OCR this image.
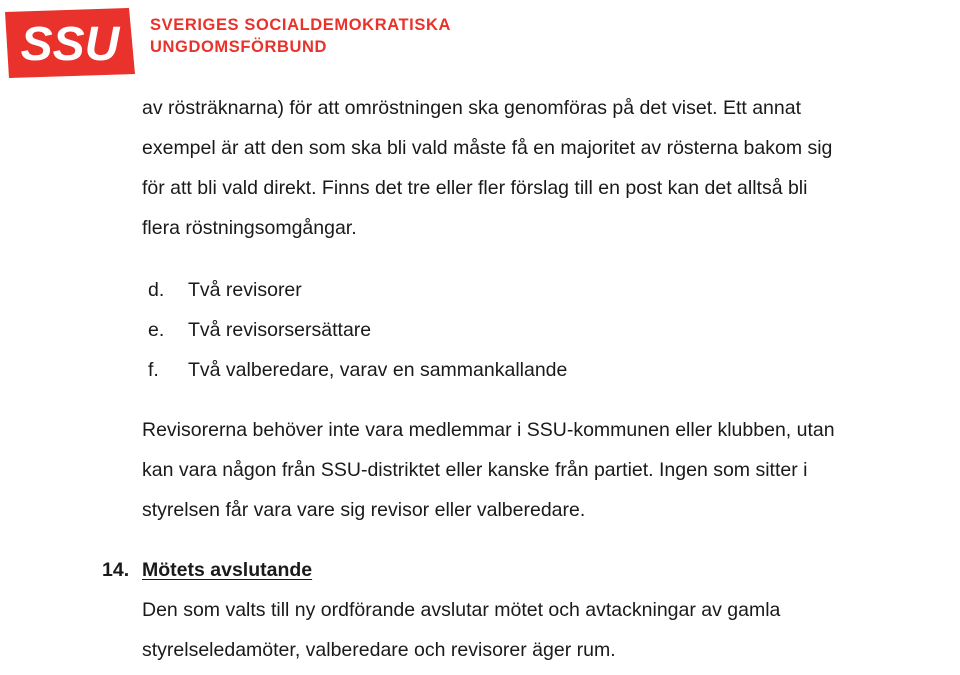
SSU SVERIGES SOCIALDEMOKRATISKA
UNGDOMSFÖRBUND

av rösträknarna) för att omröstningen ska genomföras på det viset. Ett annat
exempel är att den som ska bli vald måste få en majoritet av rösterna bakom sig
för att bli vald direkt. Finns det tre eller fler förslag till en post kan det alltså bli
flera röstningsomgångar.

d. Två revisorer
e. Två revisorsersättare
f. Två valberedare, varav en sammankallande

Revisorerna behöver inte vara medlemmar i SSU-kommunen eller klubben, utan
kan vara någon från SSU-distriktet eller kanske från partiet. Ingen som sitter i
styrelsen får vara vare sig revisor eller valberedare.

14. Mötets avslutande

Den som valts till ny ordförande avslutar mötet och avtackningar av gamla
styrelseledamöter, valberedare och revisorer äger rum.
